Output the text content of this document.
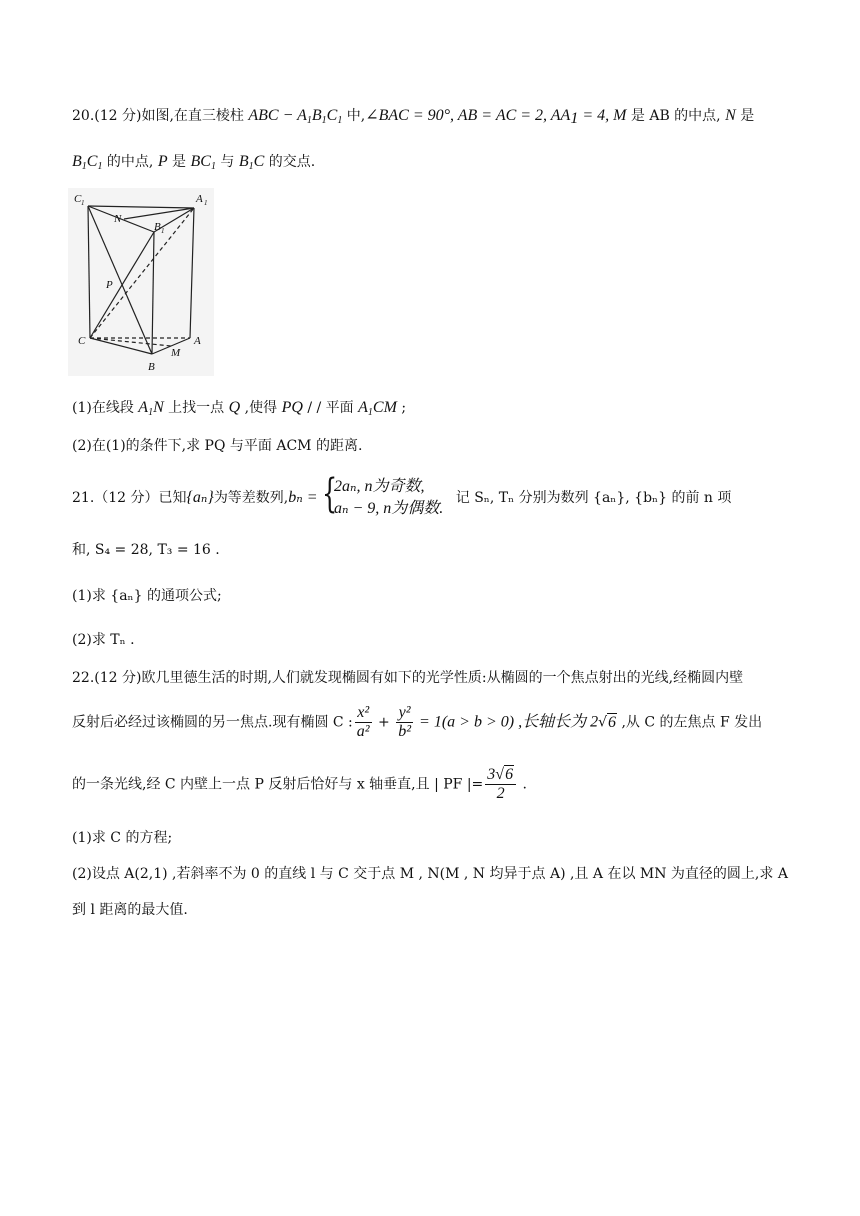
20.(12 分)如图,在直三棱柱 ABC − $A_1B_1C_1$ 中,∠BAC = 90°, AB = AC = 2, $AA_1 = 4$, M 是 AB 的中点, N 是
$B_1C_1$ 的中点, P 是 $BC_1$ 与 $B_1C$ 的交点.
C 1	A 1
N
B 1
P
C	A
M
B
(1)在线段 $A_1N$ 上找一点 Q ,使得 PQ / / 平面 $A_1CM$ ;
(2)在(1)的条件下,求 PQ 与平面 ACM 的距离.
21.（12 分）已知{aₙ}为等差数列,bₙ = {
2aₙ, n为奇数,
aₙ − 9, n为偶数.
记 Sₙ, Tₙ 分别为数列 {aₙ}, {bₙ} 的前 n 项
和, S₄ = 28, T₃ = 16 .
(1)求 {aₙ} 的通项公式;
(2)求 Tₙ .
22.(12 分)欧几里德生活的时期,人们就发现椭圆有如下的光学性质:从椭圆的一个焦点射出的光线,经椭圆内壁
反射后必经过该椭圆的另一焦点.现有椭圆 C : $\frac{\text{x²}}{\text{a²}} + \frac{\text{y²}}{\text{b²}} = 1(a > b > 0)$ ,长轴长为 2√6 ,从 C 的左焦点 F 发出
的一条光线,经 C 内壁上一点 P 反射后恰好与 x 轴垂直,且 | PF |= $\frac{3√6}{2}$ .
(1)求 C 的方程;
(2)设点 A(2,1) ,若斜率不为 0 的直线 l 与 C 交于点 M , N(M , N 均异于点 A) ,且 A 在以 MN 为直径的圆上,求 A
到 l 距离的最大值.
